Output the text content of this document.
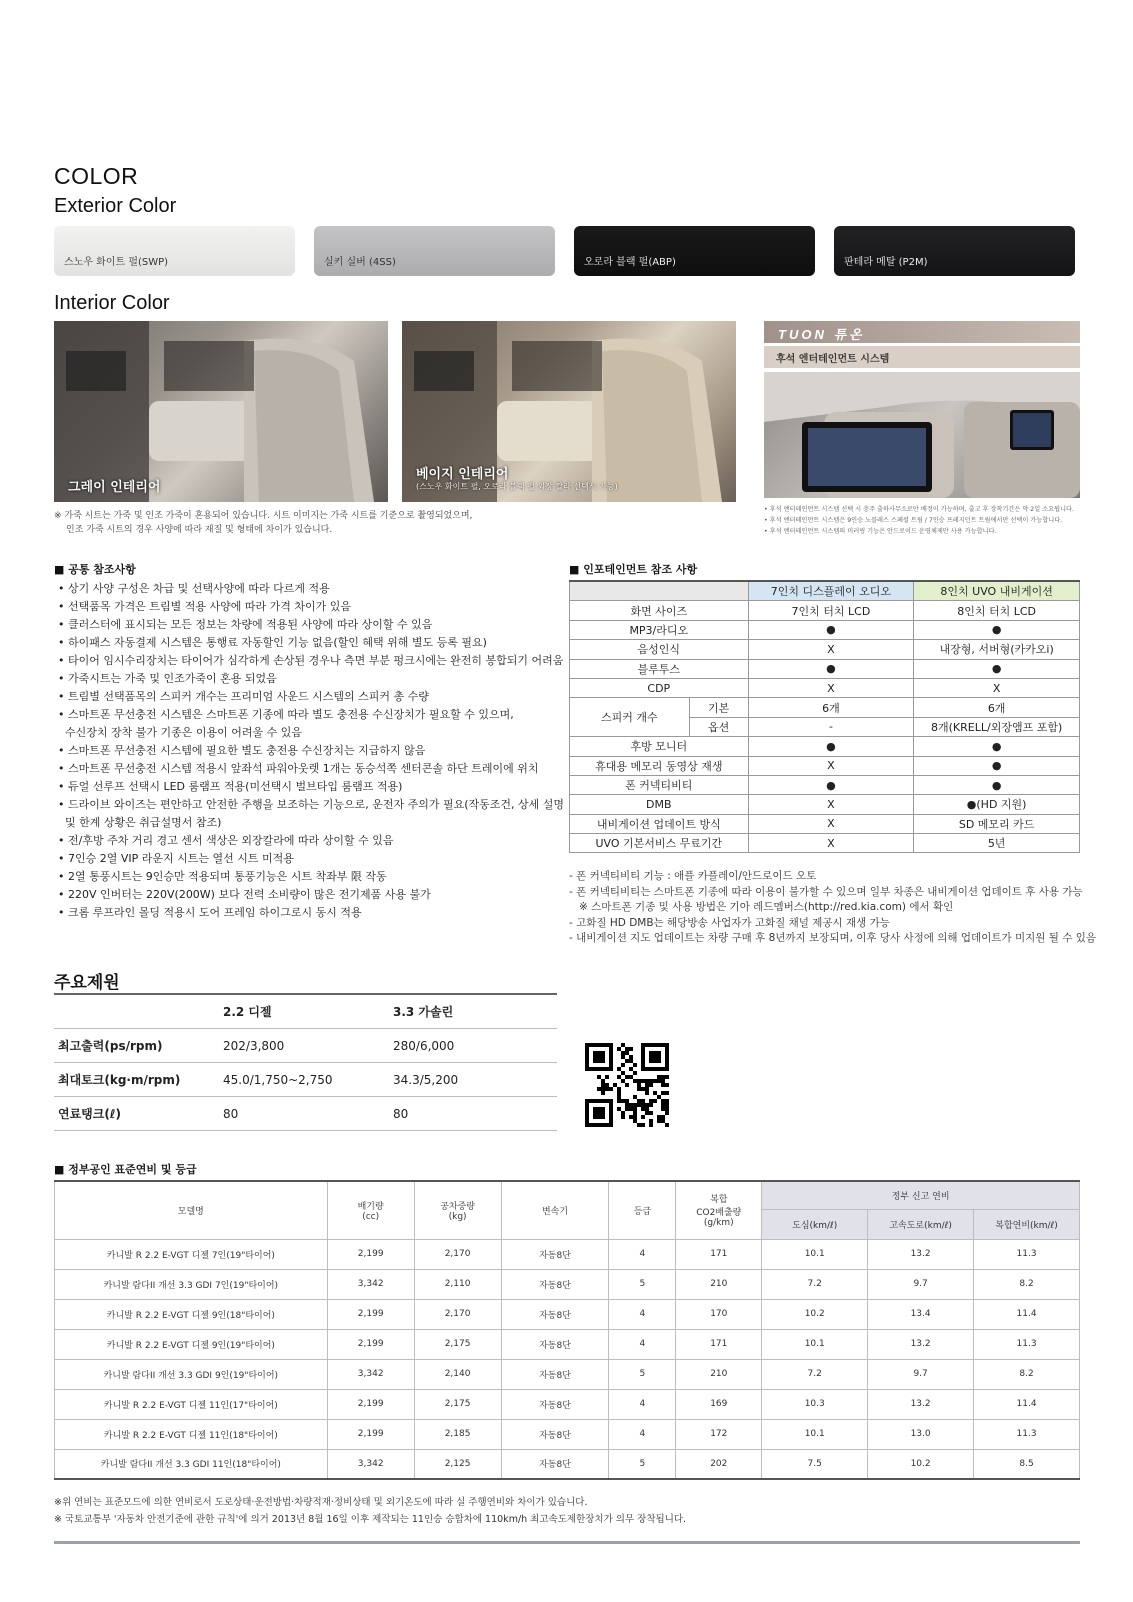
COLOR
Exterior Color
스노우 화이트 펄(SWP)	실키 실버 (4SS)	오로라 블랙 펄(ABP)	판테라 메탈 (P2M)
Interior Color
그레이 인테리어
베이지 인테리어
(스노우 화이트 펄, 오로라 블랙 펄 외장 칼라 선택시 가능)
※ 가죽 시트는 가죽 및 인조 가죽이 혼용되어 있습니다. 시트 이미지는 가죽 시트를 기준으로 촬영되었으며,
인조 가죽 시트의 경우 사양에 따라 재질 및 형태에 차이가 있습니다.
TUON 튜온
후석 엔터테인먼트 시스템
• 후석 엔터테인먼트 시스템 선택 시 충주 출하사무소로만 배정이 가능하며, 출고 후 장착기간은 약 2일 소요됩니다.
• 후석 엔터테인먼트 시스템은 9인승 노블레스 스페셜 트림 / 7인승 프레지던트 트림에서만 선택이 가능합니다.
• 후석 엔터테인먼트 시스템의 미러링 기능은 안드로이드 운영체제만 사용 가능합니다.
■ 공통 참조사항
• 상기 사양 구성은 차급 및 선택사양에 따라 다르게 적용
• 선택품목 가격은 트림별 적용 사양에 따라 가격 차이가 있음
• 클러스터에 표시되는 모든 정보는 차량에 적용된 사양에 따라 상이할 수 있음
• 하이패스 자동결제 시스템은 통행료 자동할인 기능 없음(할인 혜택 위해 별도 등록 필요)
• 타이어 임시수리장치는 타이어가 심각하게 손상된 경우나 측면 부분 펑크시에는 완전히 봉합되기 어려움
• 가죽시트는 가죽 및 인조가죽이 혼용 되었음
• 트림별 선택품목의 스피커 개수는 프리미엄 사운드 시스템의 스피커 총 수량
• 스마트폰 무선충전 시스템은 스마트폰 기종에 따라 별도 충전용 수신장치가 필요할 수 있으며,
수신장치 장착 불가 기종은 이용이 어려울 수 있음
• 스마트폰 무선충전 시스템에 필요한 별도 충전용 수신장치는 지급하지 않음
• 스마트폰 무선충전 시스템 적용시 앞좌석 파워아웃렛 1개는 동승석쪽 센터콘솔 하단 트레이에 위치
• 듀얼 선루프 선택시 LED 룸램프 적용(미선택시 벌브타입 룸램프 적용)
• 드라이브 와이즈는 편안하고 안전한 주행을 보조하는 기능으로, 운전자 주의가 필요(작동조건, 상세 설명
및 한계 상황은 취급설명서 참조)
• 전/후방 주차 거리 경고 센서 색상은 외장칼라에 따라 상이할 수 있음
• 7인승 2열 VIP 라운지 시트는 열선 시트 미적용
• 2열 통풍시트는 9인승만 적용되며 통풍기능은 시트 착좌부 限 작동
• 220V 인버터는 220V(200W) 보다 전력 소비량이 많은 전기제품 사용 불가
• 크롬 루프라인 몰딩 적용시 도어 프레임 하이그로시 동시 적용
■ 인포테인먼트 참조 사항
		7인치 디스플레이 오디오	8인치 UVO 내비게이션
화면 사이즈		7인치 터치 LCD	8인치 터치 LCD
MP3/라디오		●	●
음성인식		X	내장형, 서버형(카카오i)
블루투스		●	●
CDP		X	X
스피커 개수	기본	6개	6개
	옵션	-	8개(KRELL/외장앰프 포함)
후방 모니터		●	●
휴대용 메모리 동영상 재생		X	●
폰 커넥티비티		●	●
DMB		X	●(HD 지원)
내비게이션 업데이트 방식		X	SD 메모리 카드
UVO 기본서비스 무료기간		X	5년
- 폰 커넥티비티 기능 : 애플 카플레이/안드로이드 오토
- 폰 커넥티비티는 스마트폰 기종에 따라 이용이 불가할 수 있으며 일부 차종은 내비게이션 업데이트 후 사용 가능
※ 스마트폰 기종 및 사용 방법은 기아 레드멤버스(http://red.kia.com) 에서 확인
- 고화질 HD DMB는 해당방송 사업자가 고화질 채널 제공시 재생 가능
- 내비게이션 지도 업데이트는 차량 구매 후 8년까지 보장되며, 이후 당사 사정에 의해 업데이트가 미지원 될 수 있음
주요제원
	2.2 디젤	3.3 가솔린
최고출력(ps/rpm)	202/3,800	280/6,000
최대토크(kg·m/rpm)	45.0/1,750~2,750	34.3/5,200
연료탱크(ℓ)	80	80
■ 정부공인 표준연비 및 등급
모델명	배기량
(cc)	공차중량
(kg)	변속기	등급	복합
CO2배출량
(g/km)	정부 신고 연비		
						도심(km/ℓ)	고속도로(km/ℓ)	복합연비(km/ℓ)
카니발 R 2.2 E-VGT 디젤 7인(19"타이어)	2,199	2,170	자동8단	4	171	10.1	13.2	11.3
카니발 람다II 개선 3.3 GDI 7인(19"타이어)	3,342	2,110	자동8단	5	210	7.2	9.7	8.2
카니발 R 2.2 E-VGT 디젤 9인(18"타이어)	2,199	2,170	자동8단	4	170	10.2	13.4	11.4
카니발 R 2.2 E-VGT 디젤 9인(19"타이어)	2,199	2,175	자동8단	4	171	10.1	13.2	11.3
카니발 람다II 개선 3.3 GDI 9인(19"타이어)	3,342	2,140	자동8단	5	210	7.2	9.7	8.2
카니발 R 2.2 E-VGT 디젤 11인(17"타이어)	2,199	2,175	자동8단	4	169	10.3	13.2	11.4
카니발 R 2.2 E-VGT 디젤 11인(18"타이어)	2,199	2,185	자동8단	4	172	10.1	13.0	11.3
카니발 람다II 개선 3.3 GDI 11인(18"타이어)	3,342	2,125	자동8단	5	202	7.5	10.2	8.5
※위 연비는 표준모드에 의한 연비로서 도로상태·운전방법·차량적재·정비상태 및 외기온도에 따라 실 주행연비와 차이가 있습니다.
※ 국토교통부 '자동차 안전기준에 관한 규칙'에 의거 2013년 8월 16일 이후 제작되는 11인승 승합차에 110km/h 최고속도제한장치가 의무 장착됩니다.
